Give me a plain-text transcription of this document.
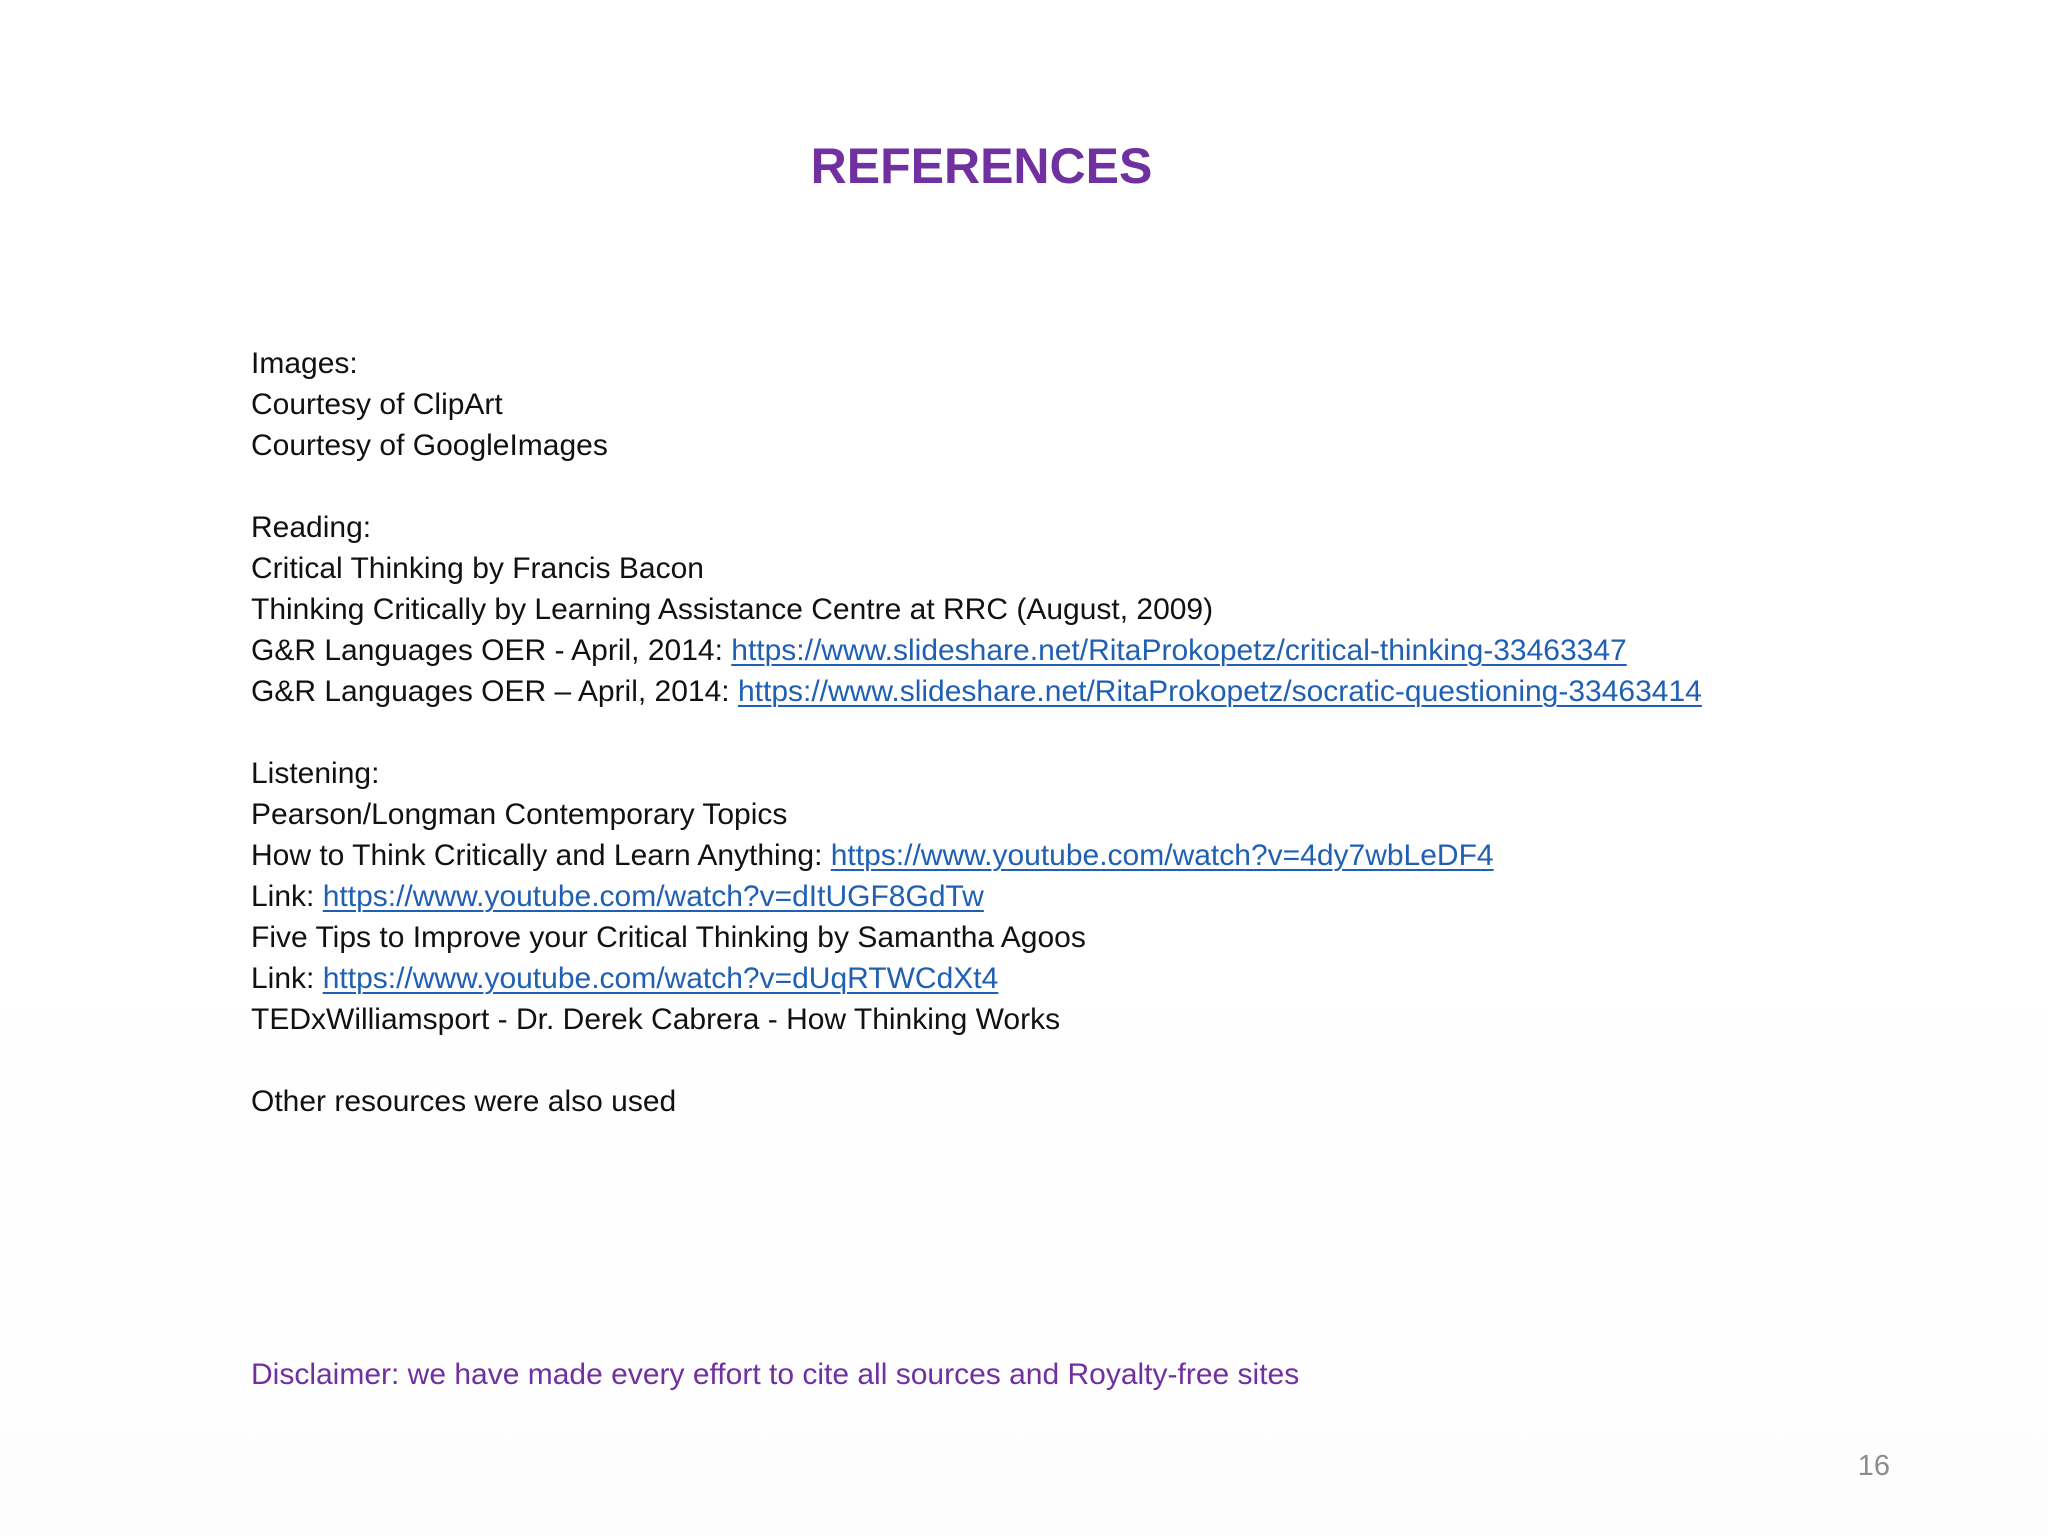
REFERENCES
Images:
Courtesy of ClipArt
Courtesy of GoogleImages
Reading:
Critical Thinking by Francis Bacon
Thinking Critically by Learning Assistance Centre at RRC (August, 2009)
G&R Languages OER - April, 2014: https://www.slideshare.net/RitaProkopetz/critical-thinking-33463347
G&R Languages OER – April, 2014: https://www.slideshare.net/RitaProkopetz/socratic-questioning-33463414
Listening:
Pearson/Longman Contemporary Topics
How to Think Critically and Learn Anything: https://www.youtube.com/watch?v=4dy7wbLeDF4
Link: https://www.youtube.com/watch?v=dItUGF8GdTw
Five Tips to Improve your Critical Thinking by Samantha Agoos
Link: https://www.youtube.com/watch?v=dUqRTWCdXt4
TEDxWilliamsport - Dr. Derek Cabrera - How Thinking Works
Other resources were also used
Disclaimer: we have made every effort to cite all sources and Royalty-free sites
16
